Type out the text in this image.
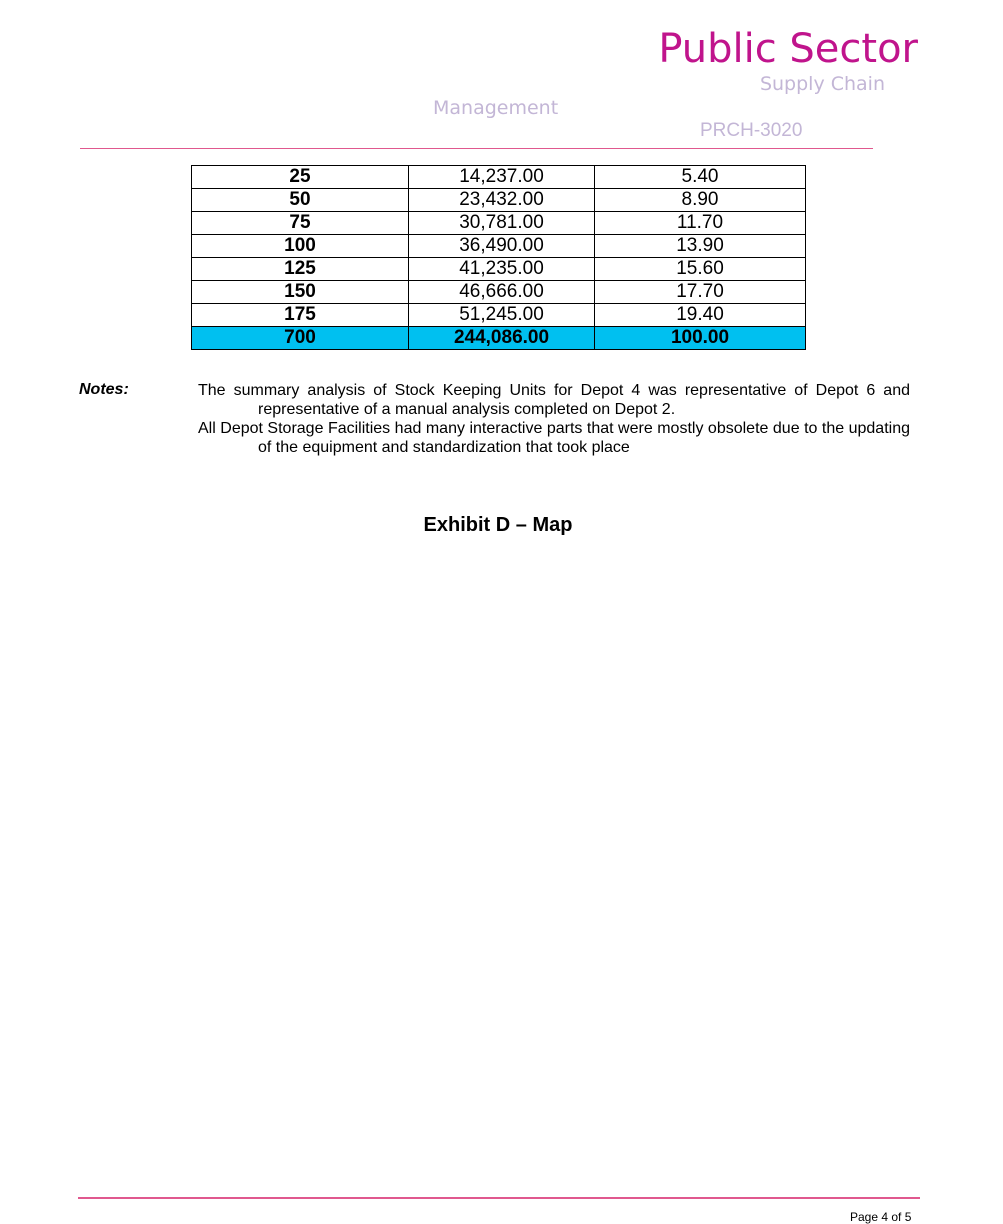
Public Sector
Supply Chain
Management
PRCH-3020
25	14,237.00	5.40
50	23,432.00	8.90
75	30,781.00	11.70
100	36,490.00	13.90
125	41,235.00	15.60
150	46,666.00	17.70
175	51,245.00	19.40
700	244,086.00	100.00
Notes:	The summary analysis of Stock Keeping Units for Depot 4 was representative of Depot 6 and representative of a manual analysis completed on Depot 2.
All Depot Storage Facilities had many interactive parts that were mostly obsolete due to the updating of the equipment and standardization that took place
Exhibit D – Map
Page 4 of 5
